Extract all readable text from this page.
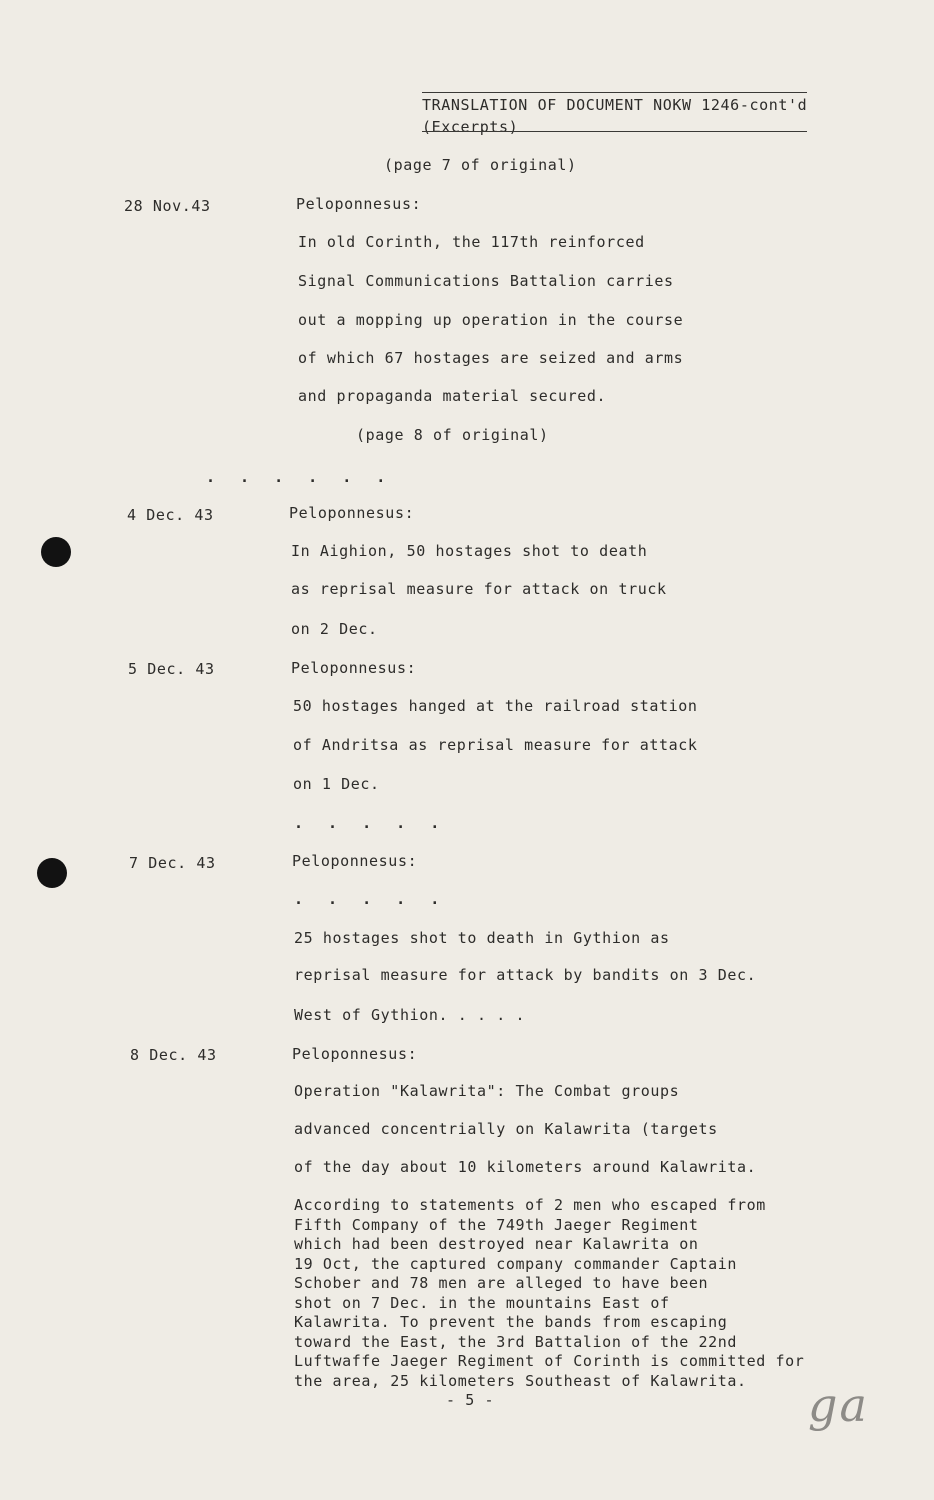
TRANSLATION OF DOCUMENT NOKW 1246-cont'd
(Excerpts)
(page 7 of original)
28 Nov.43	Peloponnesus:
In old Corinth, the 117th reinforced
Signal Communications Battalion carries
out a mopping up operation in the course
of which 67 hostages are seized and arms
and propaganda material secured.
(page 8 of original)
. . . . . .
4 Dec. 43	Peloponnesus:
In Aighion, 50 hostages shot to death
as reprisal measure for attack on truck
on 2 Dec.
5 Dec. 43	Peloponnesus:
50 hostages hanged at the railroad station
of Andritsa as reprisal measure for attack
on 1 Dec.
. . . . .
7 Dec. 43	Peloponnesus:
. . . . .
25 hostages shot to death in Gythion as
reprisal measure for attack by bandits on 3 Dec.
West of Gythion. . . . .
8 Dec. 43	Peloponnesus:
Operation "Kalawrita": The Combat groups
advanced concentrially on Kalawrita (targets
of the day about 10 kilometers around Kalawrita.
According to statements of 2 men who escaped from
Fifth Company of the 749th Jaeger Regiment
which had been destroyed near Kalawrita on
19 Oct, the captured company commander Captain
Schober and 78 men are alleged to have been
shot on 7 Dec. in the mountains East of
Kalawrita. To prevent the bands from escaping
toward the East, the 3rd Battalion of the 22nd
Luftwaffe Jaeger Regiment of Corinth is committed for
the area, 25 kilometers Southeast of Kalawrita.
- 5 -	ga
